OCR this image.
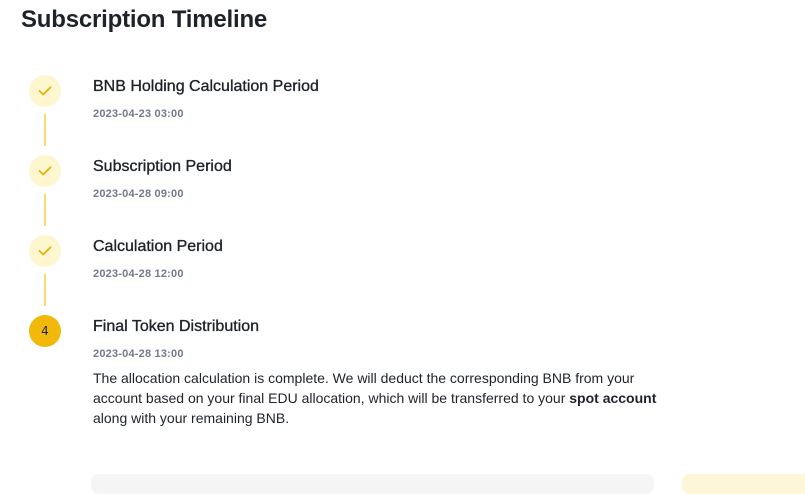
Subscription Timeline
BNB Holding Calculation Period
2023-04-23 03:00
Subscription Period
2023-04-28 09:00
Calculation Period
2023-04-28 12:00
4	Final Token Distribution
2023-04-28 13:00
The allocation calculation is complete. We will deduct the corresponding BNB from your account based on your final EDU allocation, which will be transferred to your spot account along with your remaining BNB.
